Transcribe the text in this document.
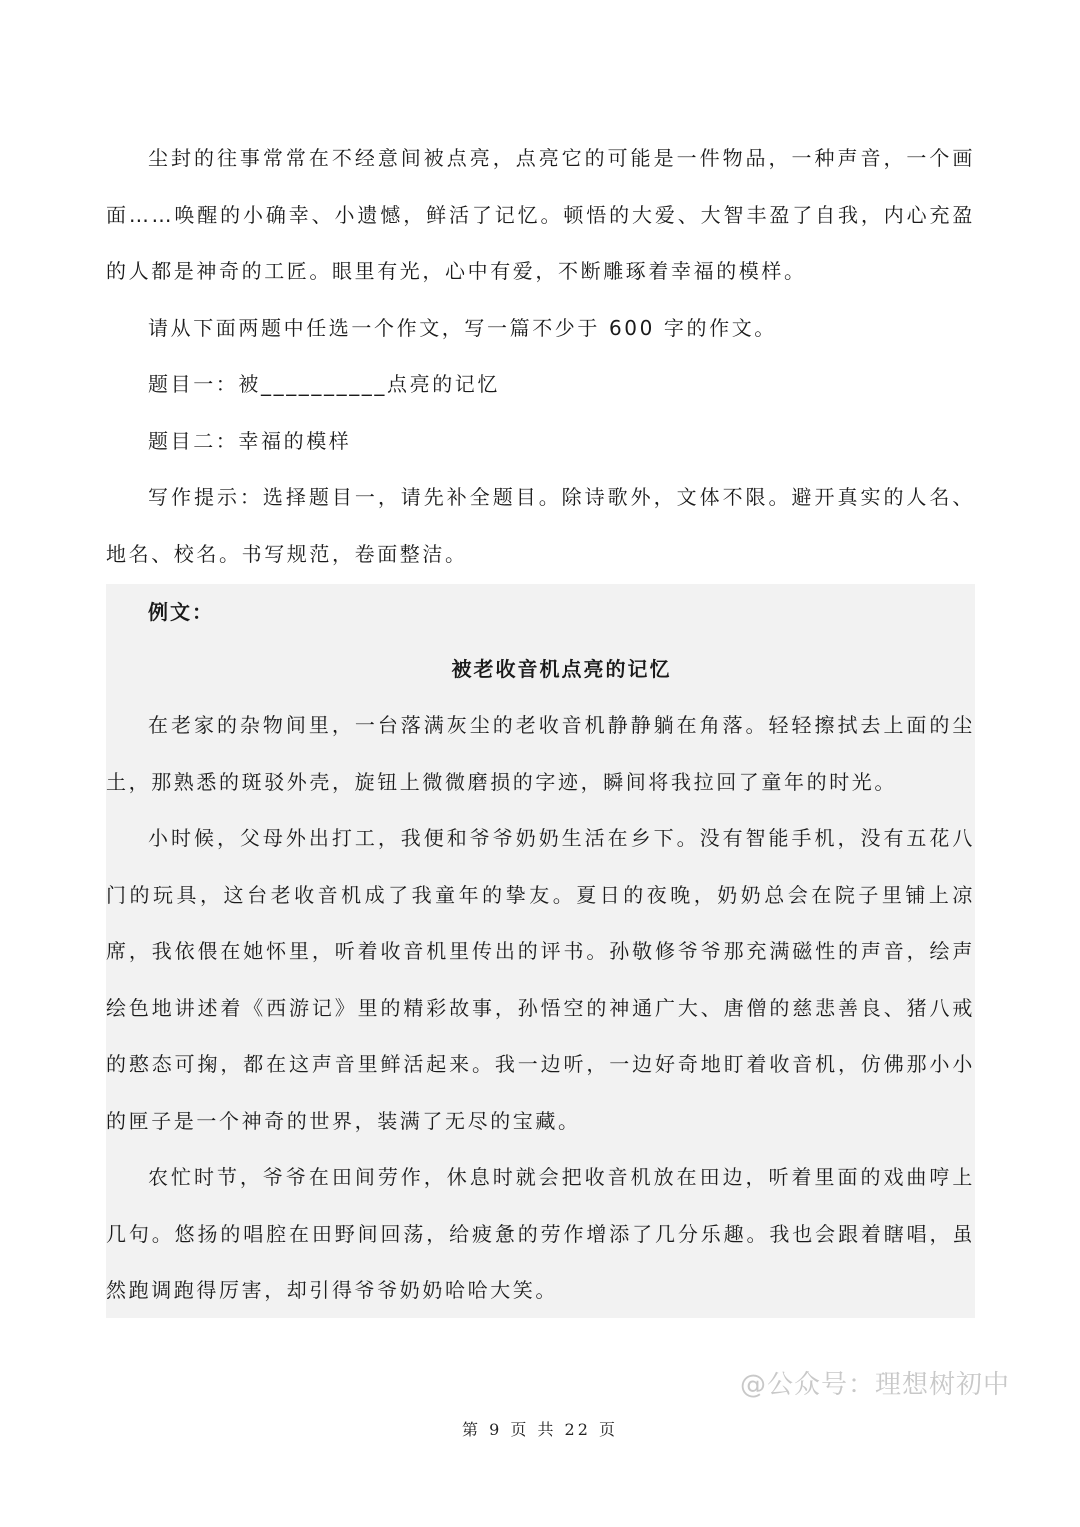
尘封的往事常常在不经意间被点亮，点亮它的可能是一件物品，一种声音，一个画面……唤醒的小确幸、小遗憾，鲜活了记忆。顿悟的大爱、大智丰盈了自我，内心充盈的人都是神奇的工匠。眼里有光，心中有爱，不断雕琢着幸福的模样。

请从下面两题中任选一个作文，写一篇不少于 600 字的作文。

题目一：被__________点亮的记忆

题目二：幸福的模样

写作提示：选择题目一，请先补全题目。除诗歌外，文体不限。避开真实的人名、地名、校名。书写规范，卷面整洁。

例文：

被老收音机点亮的记忆

在老家的杂物间里，一台落满灰尘的老收音机静静躺在角落。轻轻擦拭去上面的尘土，那熟悉的斑驳外壳，旋钮上微微磨损的字迹，瞬间将我拉回了童年的时光。

小时候，父母外出打工，我便和爷爷奶奶生活在乡下。没有智能手机，没有五花八门的玩具，这台老收音机成了我童年的挚友。夏日的夜晚，奶奶总会在院子里铺上凉席，我依偎在她怀里，听着收音机里传出的评书。孙敬修爷爷那充满磁性的声音，绘声绘色地讲述着《西游记》里的精彩故事，孙悟空的神通广大、唐僧的慈悲善良、猪八戒的憨态可掬，都在这声音里鲜活起来。我一边听，一边好奇地盯着收音机，仿佛那小小的匣子是一个神奇的世界，装满了无尽的宝藏。

农忙时节，爷爷在田间劳作，休息时就会把收音机放在田边，听着里面的戏曲哼上几句。悠扬的唱腔在田野间回荡，给疲惫的劳作增添了几分乐趣。我也会跟着瞎唱，虽然跑调跑得厉害，却引得爷爷奶奶哈哈大笑。

@公众号：理想树初中
第 9 页 共 22 页
